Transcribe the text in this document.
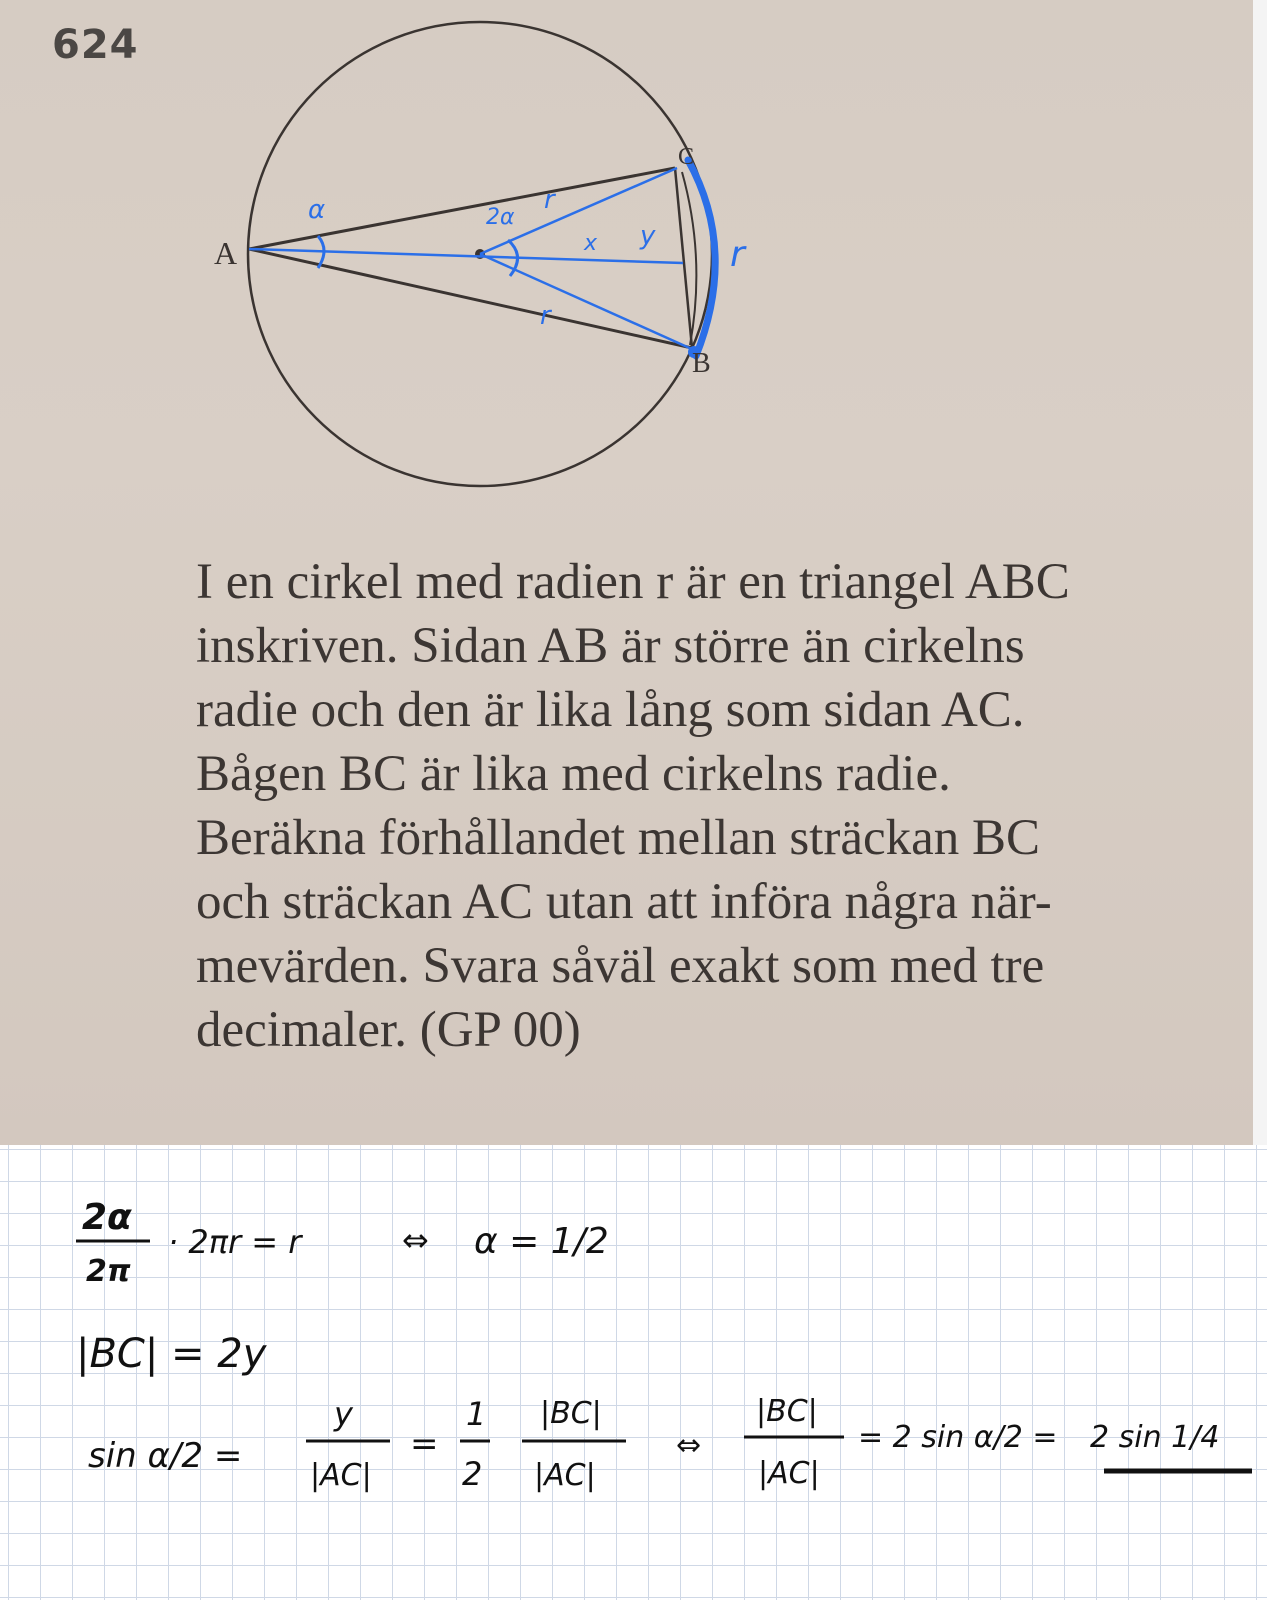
624
A
B
C
α	2α
r
r
x y r
I en cirkel med radien r är en triangel ABC
inskriven. Sidan AB är större än cirkelns
radie och den är lika lång som sidan AC.
Bågen BC är lika med cirkelns radie.
Beräkna förhållandet mellan sträckan BC
och sträckan AC utan att införa några när-
mevärden. Svara såväl exakt som med tre
decimaler. (GP 00)
2α
2π
· 2πr = r	⇔ α = 1/2
|BC| = 2y
sin α/2 =
y
|AC|
=
1
2
|BC|
|AC|
⇔
|BC|
|AC|
= 2 sin α/2 = 2 sin 1/4
